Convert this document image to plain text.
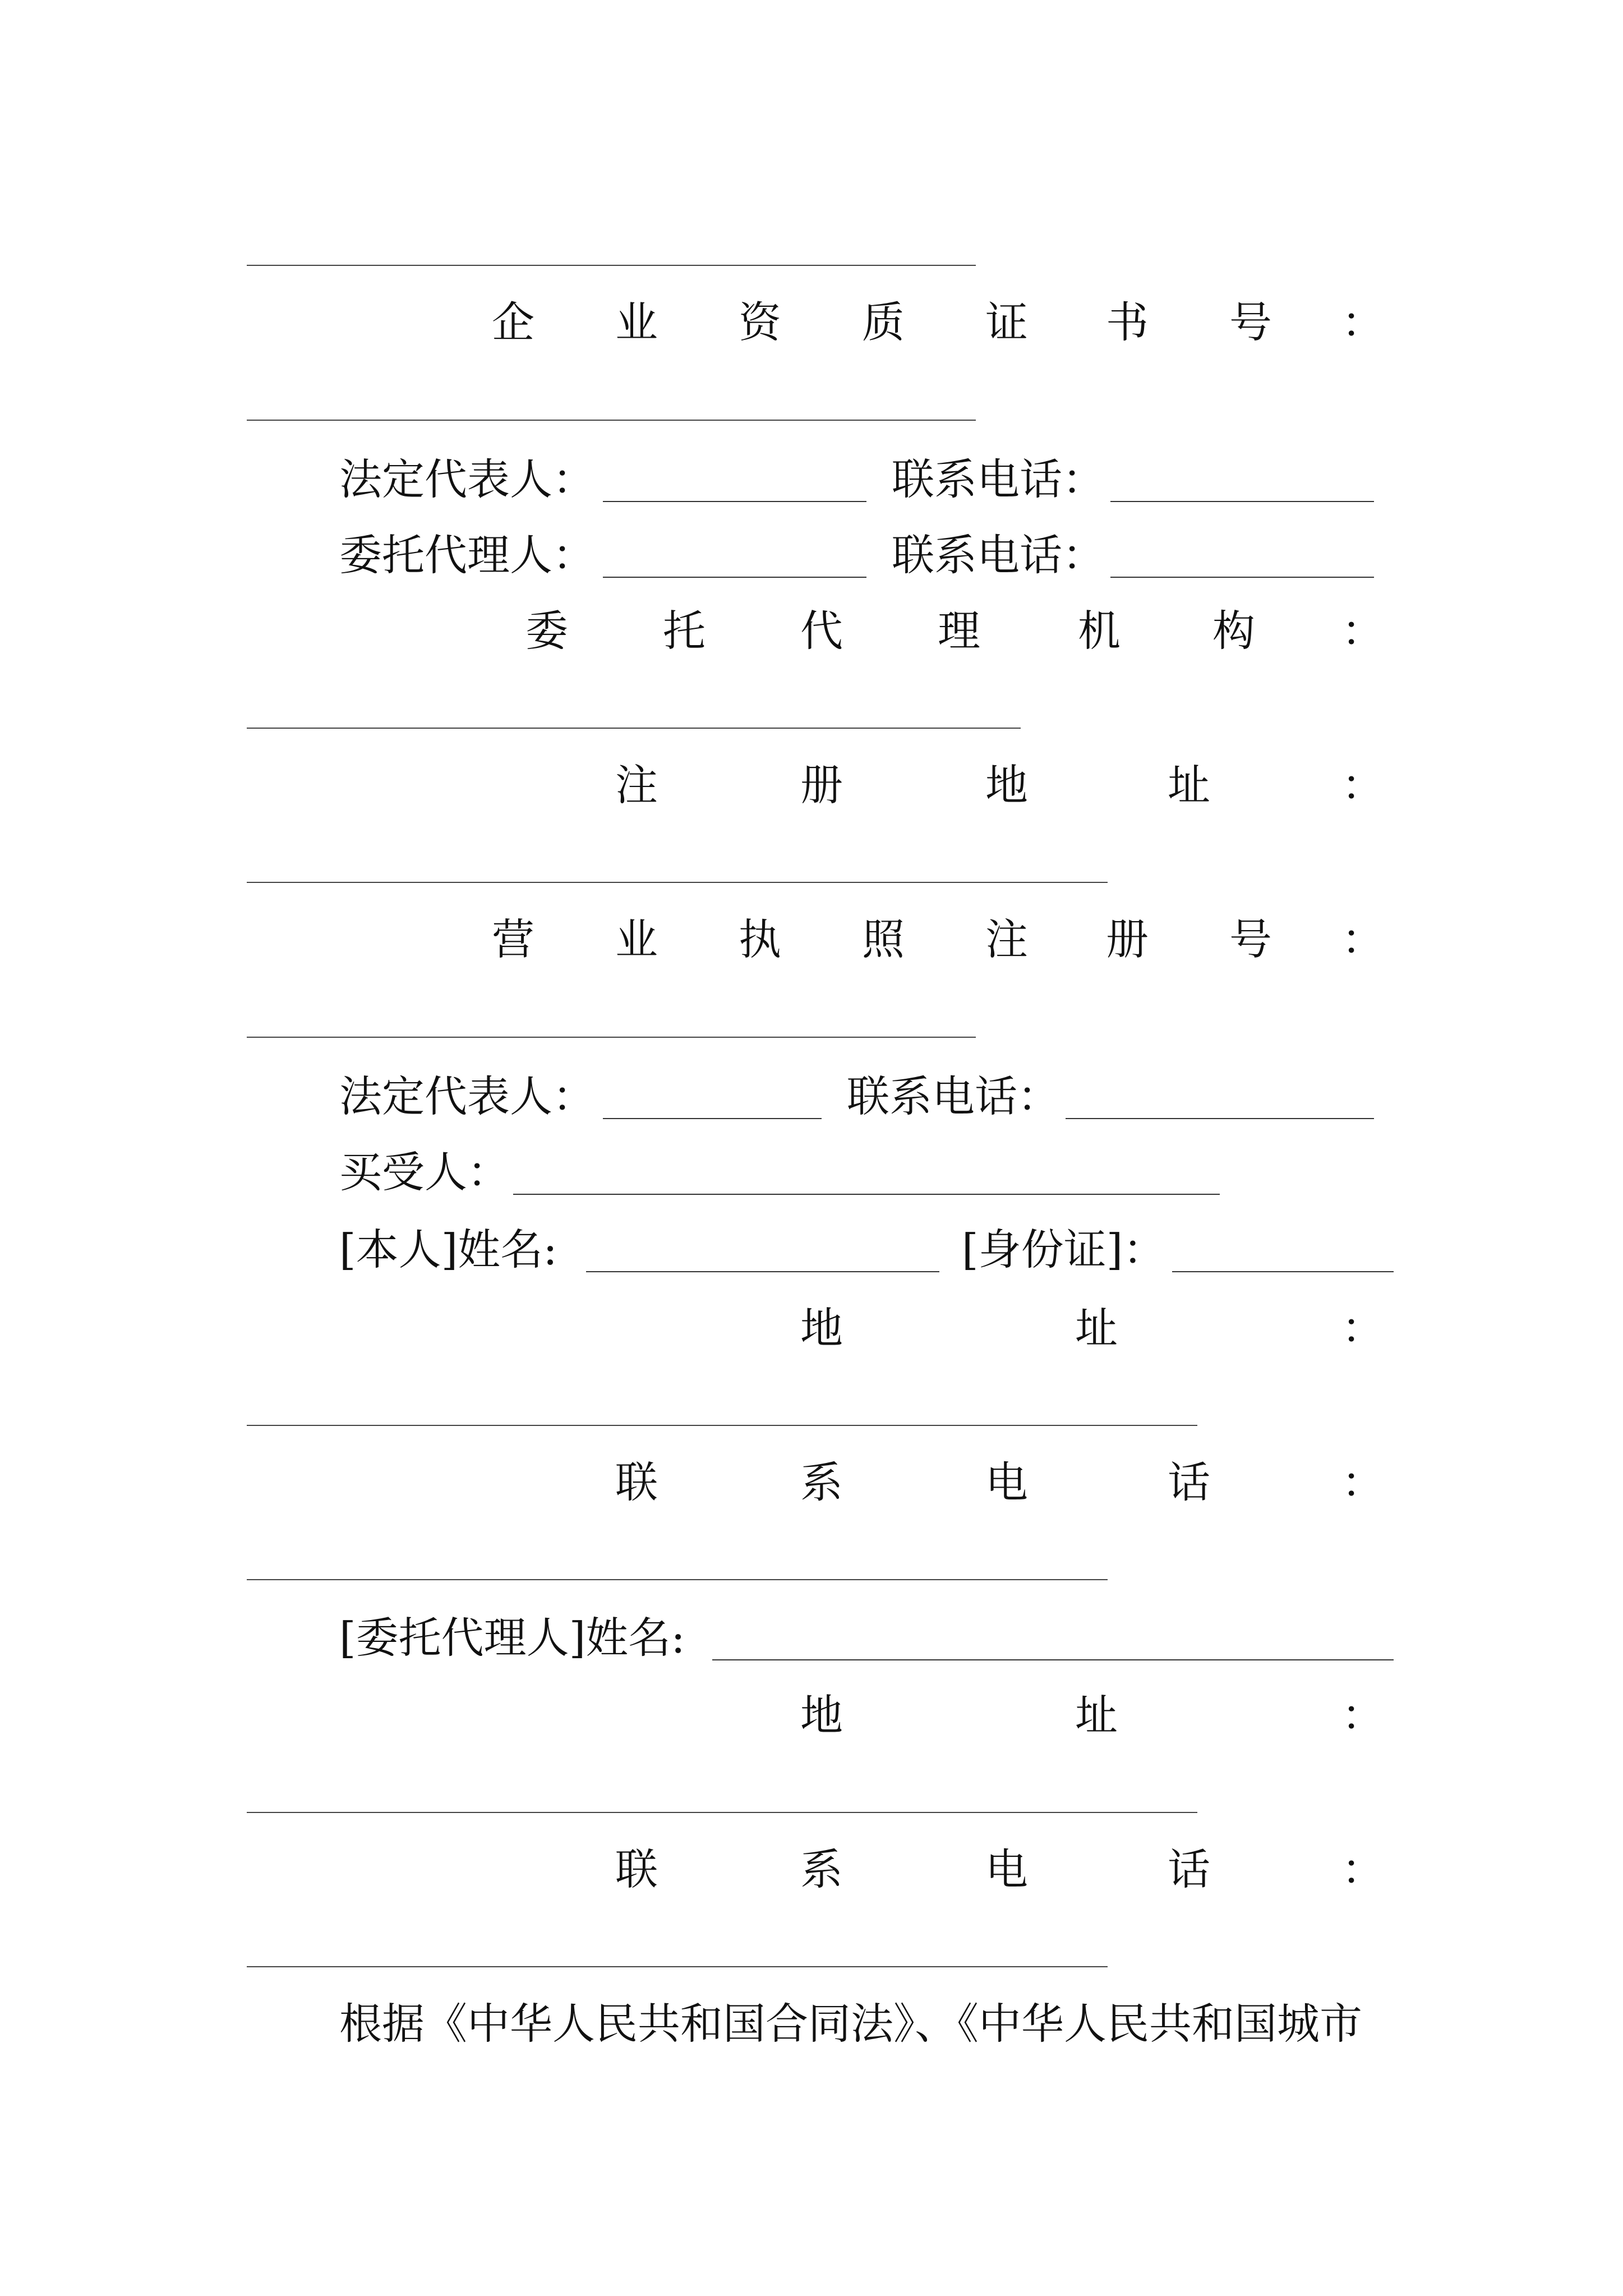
企 业 资 质 证 书 号 ：
法定代表人：	联系电话：
委托代理人：	联系电话：
委 托 代 理 机 构 ：
注	册	地	址	：
营 业 执 照 注 册 号 ：
法定代表人：	联系电话：
买受人：
[本人]姓名:	[身份证]：
地	址	：
联	系	电	话	：
[委托代理人]姓名:
地	址	：
联	系	电	话	：
根据《中华人民共和国合同法》、《中华人民共和国城市
